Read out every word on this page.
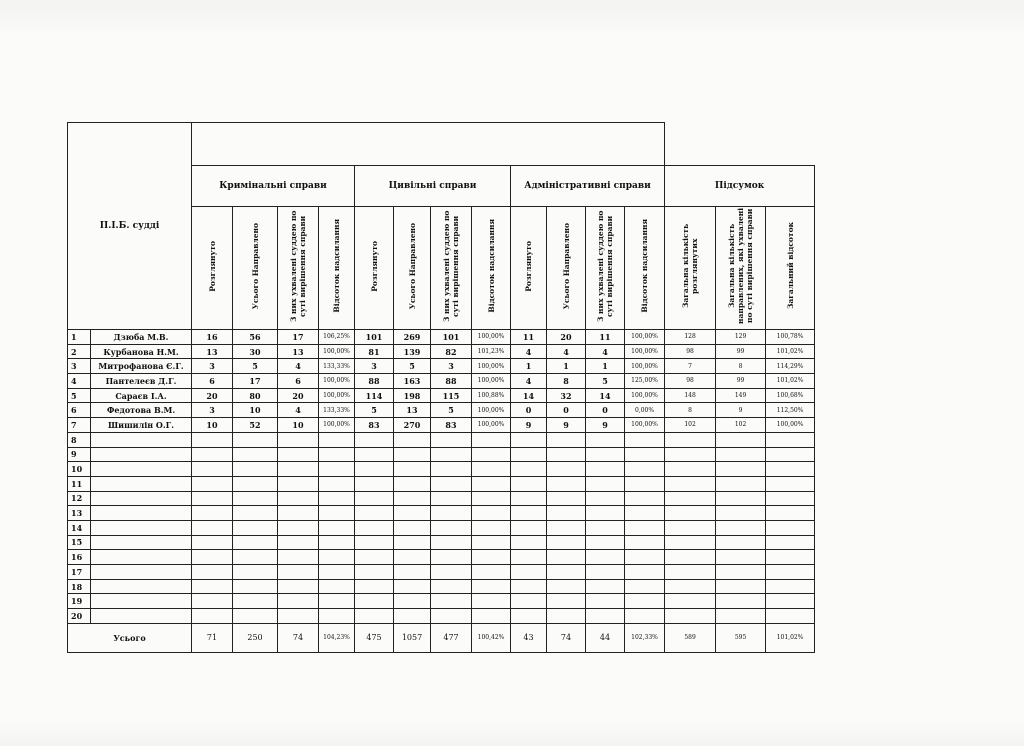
П.І.Б. судді																
		Кримінальні справи				Цивільні справи				Адміністративні справи				Підсумок		
		Розглянуто	Усього Направлено	З них ухвалені суддею по суті вирішення справи	Відсоток надсилання	Розглянуто	Усього Направлено	З них ухвалені суддею по суті вирішення справи	Відсоток надсилання	Розглянуто	Усього Направлено	З них ухвалені суддею по суті вирішення справи	Відсоток надсилання	Загальна кількість розглянутих	Загальна кількість направлених, які ухвалені по суті вирішення справи	Загальний відсоток
1	Дзюба М.В.	16	56	17	106,25%	101	269	101	100,00%	11	20	11	100,00%	128	129	100,78%
2	Курбанова Н.М.	13	30	13	100,00%	81	139	82	101,23%	4	4	4	100,00%	98	99	101,02%
3	Митрофанова Є.Г.	3	5	4	133,33%	3	5	3	100,00%	1	1	1	100,00%	7	8	114,29%
4	Пантелеєв Д.Г.	6	17	6	100,00%	88	163	88	100,00%	4	8	5	125,00%	98	99	101,02%
5	Сараєв І.А.	20	80	20	100,00%	114	198	115	100,88%	14	32	14	100,00%	148	149	100,68%
6	Федотова В.М.	3	10	4	133,33%	5	13	5	100,00%	0	0	0	0,00%	8	9	112,50%
7	Шишилін О.Г.	10	52	10	100,00%	83	270	83	100,00%	9	9	9	100,00%	102	102	100,00%
8																
9																
10																
11																
12																
13																
14																
15																
16																
17																
18																
19																
20																
Усього		71	250	74	104,23%	475	1057	477	100,42%	43	74	44	102,33%	589	595	101,02%
